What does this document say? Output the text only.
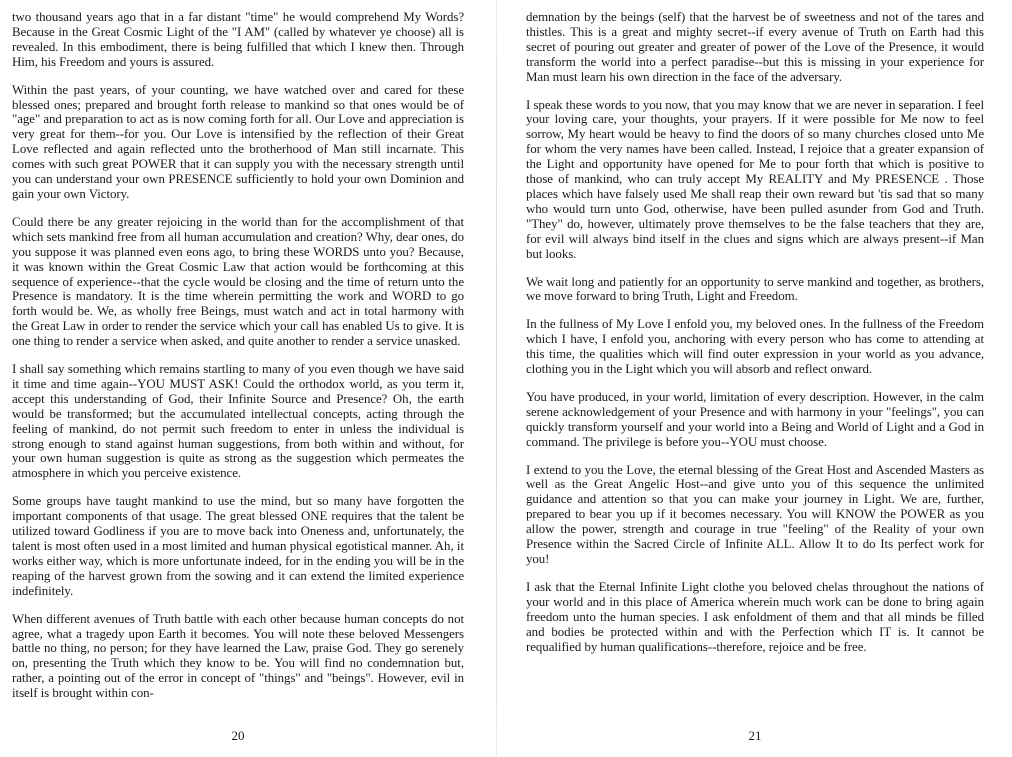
two thousand years ago that in a far distant "time" he would comprehend My Words? Because in the Great Cosmic Light of the "I AM" (called by whatever ye choose) all is revealed. In this embodiment, there is being fulfilled that which I knew then. Through Him, his Freedom and yours is assured.

Within the past years, of your counting, we have watched over and cared for these blessed ones; prepared and brought forth release to mankind so that ones would be of "age" and preparation to act as is now coming forth for all. Our Love and appreciation is very great for them--for you. Our Love is intensified by the reflection of their Great Love reflected and again reflected unto the brotherhood of Man still incarnate. This comes with such great POWER that it can supply you with the necessary strength until you can understand your own PRESENCE sufficiently to hold your own Dominion and gain your own Victory.

Could there be any greater rejoicing in the world than for the accomplishment of that which sets mankind free from all human accumulation and creation? Why, dear ones, do you suppose it was planned even eons ago, to bring these WORDS unto you? Because, it was known within the Great Cosmic Law that action would be forthcoming at this sequence of experience--that the cycle would be closing and the time of return unto the Presence is mandatory. It is the time wherein permitting the work and WORD to go forth would be. We, as wholly free Beings, must watch and act in total harmony with the Great Law in order to render the service which your call has enabled Us to give. It is one thing to render a service when asked, and quite another to render a service unasked.

I shall say something which remains startling to many of you even though we have said it time and time again--YOU MUST ASK! Could the orthodox world, as you term it, accept this understanding of God, their Infinite Source and Presence? Oh, the earth would be transformed; but the accumulated intellectual concepts, acting through the feeling of mankind, do not permit such freedom to enter in unless the individual is strong enough to stand against human suggestions, from both within and without, for your own human suggestion is quite as strong as the suggestion which permeates the atmosphere in which you perceive existence.

Some groups have taught mankind to use the mind, but so many have forgotten the important components of that usage. The great blessed ONE requires that the talent be utilized toward Godliness if you are to move back into Oneness and, unfortunately, the talent is most often used in a most limited and human physical egotistical manner. Ah, it works either way, which is more unfortunate indeed, for in the ending you will be in the reaping of the harvest grown from the sowing and it can extend the limited experience indefinitely.

When different avenues of Truth battle with each other because human concepts do not agree, what a tragedy upon Earth it becomes. You will note these beloved Messengers battle no thing, no person; for they have learned the Law, praise God. They go serenely on, presenting the Truth which they know to be. You will find no condemnation but, rather, a pointing out of the error in concept of "things" and "beings". However, evil in itself is brought within con-

20

demnation by the beings (self) that the harvest be of sweetness and not of the tares and thistles. This is a great and mighty secret--if every avenue of Truth on Earth had this secret of pouring out greater and greater of power of the Love of the Presence, it would transform the world into a perfect paradise--but this is missing in your experience for Man must learn his own direction in the face of the adversary.

I speak these words to you now, that you may know that we are never in separation. I feel your loving care, your thoughts, your prayers. If it were possible for Me now to feel sorrow, My heart would be heavy to find the doors of so many churches closed unto Me for whom the very names have been called. Instead, I rejoice that a greater expansion of the Light and opportunity have opened for Me to pour forth that which is positive to those of mankind, who can truly accept My REALITY and My PRESENCE . Those places which have falsely used Me shall reap their own reward but 'tis sad that so many who would turn unto God, otherwise, have been pulled asunder from God and Truth. "They" do, however, ultimately prove themselves to be the false teachers that they are, for evil will always bind itself in the clues and signs which are always present--if Man but looks.

We wait long and patiently for an opportunity to serve mankind and together, as brothers, we move forward to bring Truth, Light and Freedom.

In the fullness of My Love I enfold you, my beloved ones. In the fullness of the Freedom which I have, I enfold you, anchoring with every person who has come to attending at this time, the qualities which will find outer expression in your world as you advance, clothing you in the Light which you will absorb and reflect onward.

You have produced, in your world, limitation of every description. However, in the calm serene acknowledgement of your Presence and with harmony in your "feelings", you can quickly transform yourself and your world into a Being and World of Light and a God in command. The privilege is before you--YOU must choose.

I extend to you the Love, the eternal blessing of the Great Host and Ascended Masters as well as the Great Angelic Host--and give unto you of this sequence the unlimited guidance and attention so that you can make your journey in Light. We are, further, prepared to bear you up if it becomes necessary. You will KNOW the POWER as you allow the power, strength and courage in true "feeling" of the Reality of your own Presence within the Sacred Circle of Infinite ALL. Allow It to do Its perfect work for you!

I ask that the Eternal Infinite Light clothe you beloved chelas throughout the nations of your world and in this place of America wherein much work can be done to bring again freedom unto the human species. I ask enfoldment of them and that all minds be filled and bodies be protected within and with the Perfection which IT is. It cannot be requalified by human qualifications--therefore, rejoice and be free.

21
